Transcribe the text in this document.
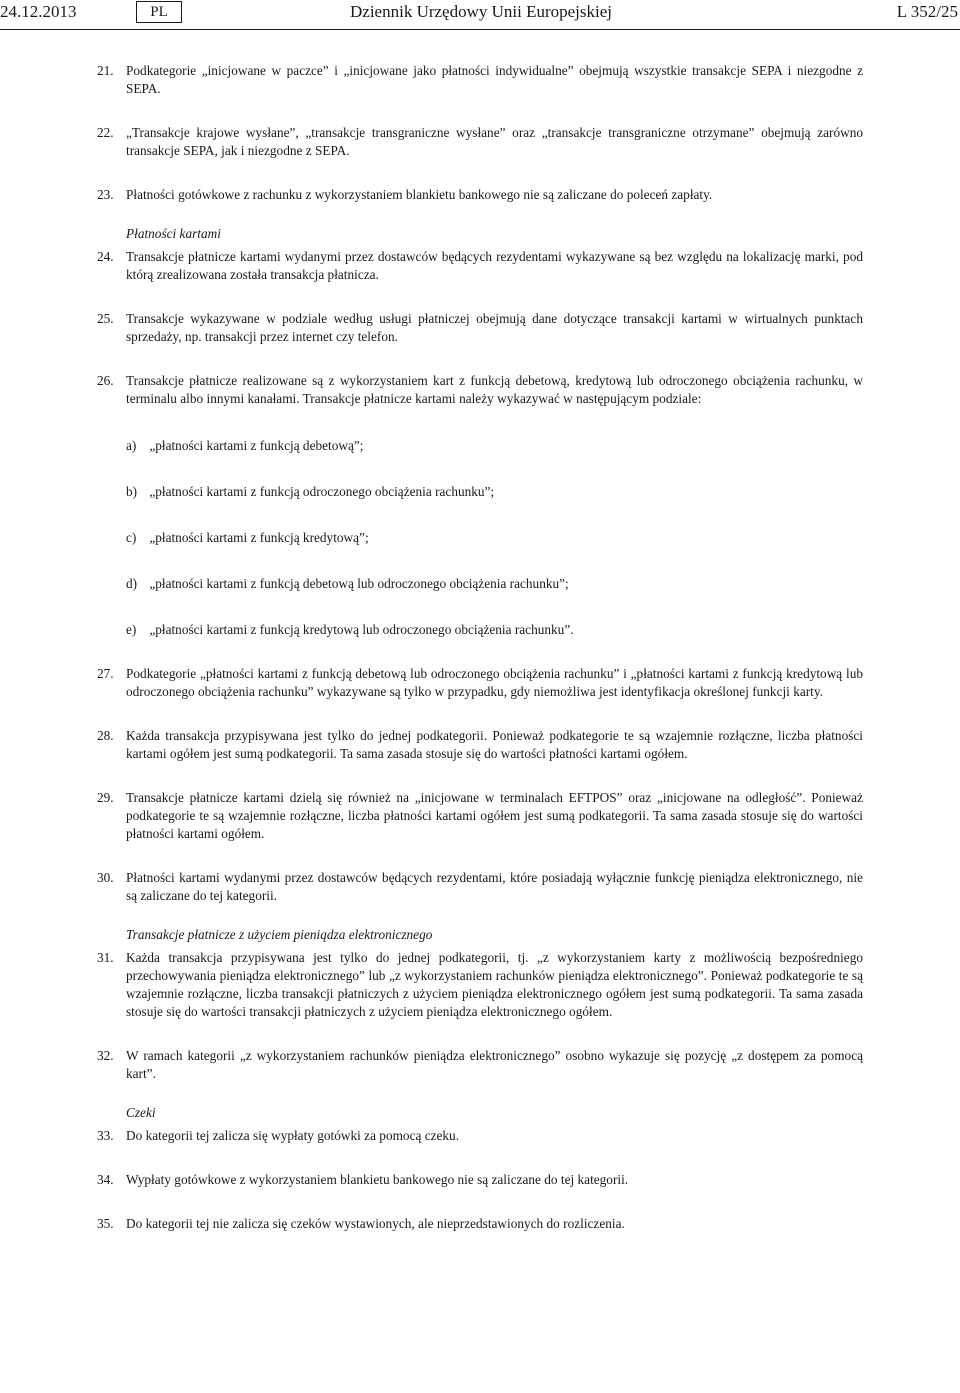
24.12.2013	PL	Dziennik Urzędowy Unii Europejskiej	L 352/25
21. Podkategorie „inicjowane w paczce” i „inicjowane jako płatności indywidualne” obejmują wszystkie transakcje SEPA i niezgodne z SEPA.
22. „Transakcje krajowe wysłane”, „transakcje transgraniczne wysłane” oraz „transakcje transgraniczne otrzymane” obejmują zarówno transakcje SEPA, jak i niezgodne z SEPA.
23. Płatności gotówkowe z rachunku z wykorzystaniem blankietu bankowego nie są zaliczane do poleceń zapłaty.
Płatności kartami
24. Transakcje płatnicze kartami wydanymi przez dostawców będących rezydentami wykazywane są bez względu na lokalizację marki, pod którą zrealizowana została transakcja płatnicza.
25. Transakcje wykazywane w podziale według usługi płatniczej obejmują dane dotyczące transakcji kartami w wirtualnych punktach sprzedaży, np. transakcji przez internet czy telefon.
26. Transakcje płatnicze realizowane są z wykorzystaniem kart z funkcją debetową, kredytową lub odroczonego obciążenia rachunku, w terminalu albo innymi kanałami. Transakcje płatnicze kartami należy wykazywać w następującym podziale:
a) „płatności kartami z funkcją debetową”;
b) „płatności kartami z funkcją odroczonego obciążenia rachunku”;
c) „płatności kartami z funkcją kredytową”;
d) „płatności kartami z funkcją debetową lub odroczonego obciążenia rachunku”;
e) „płatności kartami z funkcją kredytową lub odroczonego obciążenia rachunku”.
27. Podkategorie „płatności kartami z funkcją debetową lub odroczonego obciążenia rachunku” i „płatności kartami z funkcją kredytową lub odroczonego obciążenia rachunku” wykazywane są tylko w przypadku, gdy niemożliwa jest identyfikacja określonej funkcji karty.
28. Każda transakcja przypisywana jest tylko do jednej podkategorii. Ponieważ podkategorie te są wzajemnie rozłączne, liczba płatności kartami ogółem jest sumą podkategorii. Ta sama zasada stosuje się do wartości płatności kartami ogółem.
29. Transakcje płatnicze kartami dzielą się również na „inicjowane w terminalach EFTPOS” oraz „inicjowane na odległość”. Ponieważ podkategorie te są wzajemnie rozłączne, liczba płatności kartami ogółem jest sumą podkategorii. Ta sama zasada stosuje się do wartości płatności kartami ogółem.
30. Płatności kartami wydanymi przez dostawców będących rezydentami, które posiadają wyłącznie funkcję pieniądza elektronicznego, nie są zaliczane do tej kategorii.
Transakcje płatnicze z użyciem pieniądza elektronicznego
31. Każda transakcja przypisywana jest tylko do jednej podkategorii, tj. „z wykorzystaniem karty z możliwością bezpośredniego przechowywania pieniądza elektronicznego” lub „z wykorzystaniem rachunków pieniądza elektronicznego”. Ponieważ podkategorie te są wzajemnie rozłączne, liczba transakcji płatniczych z użyciem pieniądza elektronicznego ogółem jest sumą podkategorii. Ta sama zasada stosuje się do wartości transakcji płatniczych z użyciem pieniądza elektronicznego ogółem.
32. W ramach kategorii „z wykorzystaniem rachunków pieniądza elektronicznego” osobno wykazuje się pozycję „z dostępem za pomocą kart”.
Czeki
33. Do kategorii tej zalicza się wypłaty gotówki za pomocą czeku.
34. Wypłaty gotówkowe z wykorzystaniem blankietu bankowego nie są zaliczane do tej kategorii.
35. Do kategorii tej nie zalicza się czeków wystawionych, ale nieprzedstawionych do rozliczenia.
